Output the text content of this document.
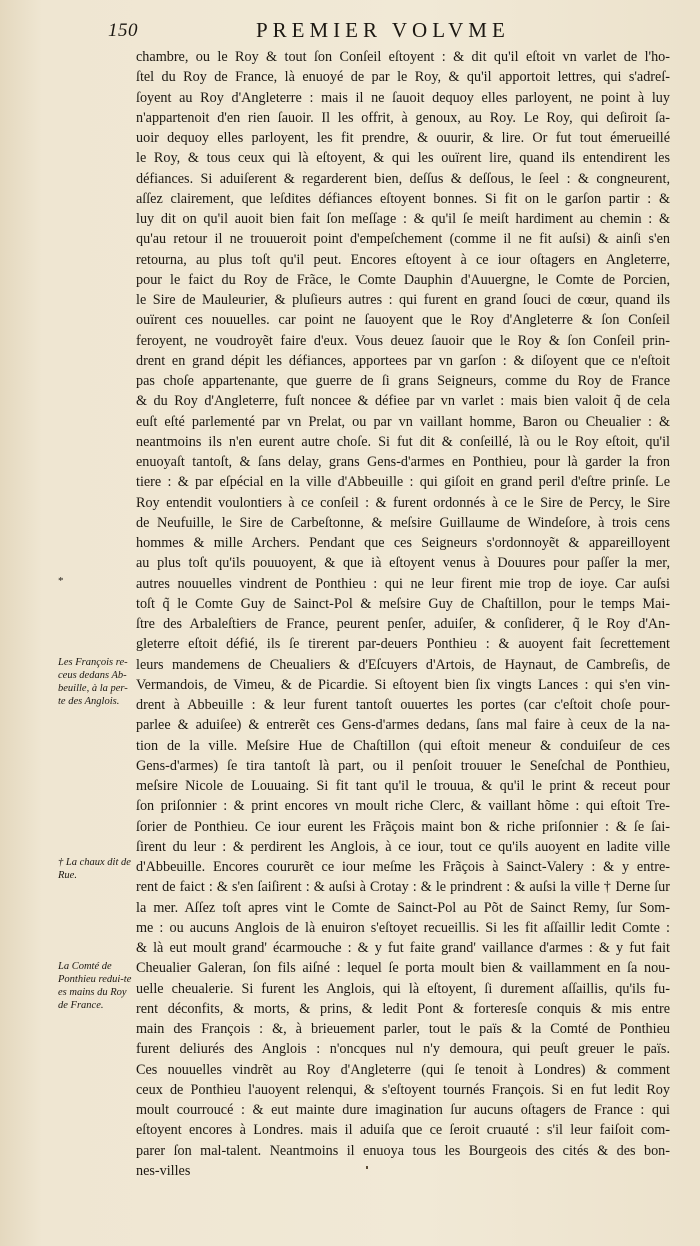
150	PREMIER VOLVME
chambre, ou le Roy & tout ſon Conſeil eſtoyent : & dit qu'il eſtoit vn varlet de l'ho-
ſtel du Roy de France, là enuoyé de par le Roy, & qu'il apportoit lettres, qui s'adreſ-
ſoyent au Roy d'Angleterre : mais il ne ſauoit dequoy elles parloyent, ne point à luy
n'appartenoit d'en rien ſauoir. Il les offrit, à genoux, au Roy. Le Roy, qui deſiroit ſa-
uoir dequoy elles parloyent, les fit prendre, & ouurir, & lire. Or fut tout émerueillé
le Roy, & tous ceux qui là eſtoyent, & qui les ouïrent lire, quand ils entendirent les
défiances. Si aduiſerent & regarderent bien, deſſus & deſſous, le ſeel : & congneurent,
aſſez clairement, que leſdites défiances eſtoyent bonnes. Si fit on le garſon partir : &
luy dit on qu'il auoit bien fait ſon meſſage : & qu'il ſe meiſt hardiment au chemin : &
qu'au retour il ne trouueroit point d'empeſchement (comme il ne fit auſsi) & ainſi s'en
retourna, au plus toſt qu'il peut. Encores eſtoyent à ce iour oſtagers en Angleterre,
pour le faict du Roy de Frãce, le Comte Dauphin d'Auuergne, le Comte de Porcien,
le Sire de Mauleurier, & pluſieurs autres : qui furent en grand ſouci de cœur, quand ils
ouïrent ces nouuelles. car point ne ſauoyent que le Roy d'Angleterre & ſon Conſeil
feroyent, ne voudroyẽt faire d'eux. Vous deuez ſauoir que le Roy & ſon Conſeil prin-
drent en grand dépit les défiances, apportees par vn garſon : & diſoyent que ce n'eſtoit
pas choſe appartenante, que guerre de ſi grans Seigneurs, comme du Roy de France
& du Roy d'Angleterre, fuſt noncee & défiee par vn varlet : mais bien valoit q̃ de cela
euſt eſté parlementé par vn Prelat, ou par vn vaillant homme, Baron ou Cheualier : &
neantmoins ils n'en eurent autre choſe. Si fut dit & conſeillé, là ou le Roy eſtoit, qu'il
enuoyaſt tantoſt, & ſans delay, grans Gens-d'armes en Ponthieu, pour là garder la fron
tiere : & par eſpécial en la ville d'Abbeuille : qui giſoit en grand peril d'eſtre prinſe. Le
Roy entendit voulontiers à ce conſeil : & furent ordonnés à ce le Sire de Percy, le Sire
de Neufuille, le Sire de Carbeſtonne, & meſsire Guillaume de Windeſore, à trois cens
hommes & mille Archers. Pendant que ces Seigneurs s'ordonnoyẽt & appareilloyent
au plus toſt qu'ils pouuoyent, & que ià eſtoyent venus à Douures pour paſſer la mer,
autres nouuelles vindrent de Ponthieu : qui ne leur firent mie trop de ioye. Car auſsi
toſt q̃ le Comte Guy de Sainct-Pol & meſsire Guy de Chaſtillon, pour le temps Mai-
ſtre des Arbaleſtiers de France, peurent penſer, aduiſer, & conſiderer, q̃ le Roy d'An-
gleterre eſtoit défié, ils ſe tirerent par-deuers Ponthieu : & auoyent fait ſecrettement
leurs mandemens de Cheualiers & d'Eſcuyers d'Artois, de Haynaut, de Cambreſis, de
Vermandois, de Vimeu, & de Picardie. Si eſtoyent bien ſix vingts Lances : qui s'en vin-
drent à Abbeuille : & leur furent tantoſt ouuertes les portes (car c'eſtoit choſe pour-
parlee & aduiſee) & entrerẽt ces Gens-d'armes dedans, ſans mal faire à ceux de la na-
tion de la ville. Meſsire Hue de Chaſtillon (qui eſtoit meneur & conduiſeur de ces
Gens-d'armes) ſe tira tantoſt là part, ou il penſoit trouuer le Seneſchal de Ponthieu,
meſsire Nicole de Louuaing. Si fit tant qu'il le trouua, & qu'il le print & receut pour
ſon priſonnier : & print encores vn moult riche Clerc, & vaillant hõme : qui eſtoit Tre-
ſorier de Ponthieu. Ce iour eurent les Frãçois maint bon & riche priſonnier : & ſe ſai-
ſirent du leur : & perdirent les Anglois, à ce iour, tout ce qu'ils auoyent en ladite ville
d'Abbeuille. Encores coururẽt ce iour meſme les Frãçois à Sainct-Valery : & y entre-
rent de faict : & s'en ſaiſirent : & auſsi à Crotay : & le prindrent : & auſsi la ville † Derne ſur
la mer. Aſſez toſt apres vint le Comte de Sainct-Pol au Põt de Sainct Remy, ſur Som-
me : ou aucuns Anglois de là enuiron s'eſtoyet recueillis. Si les fit aſſaillir ledit Comte :
& là eut moult grand' écarmouche : & y fut faite grand' vaillance d'armes : & y fut fait
Cheualier Galeran, ſon fils aiſné : lequel ſe porta moult bien & vaillamment en ſa nou-
uelle cheualerie. Si furent les Anglois, qui là eſtoyent, ſi durement aſſaillis, qu'ils fu-
rent déconfits, & morts, & prins, & ledit Pont & forteresſe conquis & mis entre
main des François : &, à brieuement parler, tout le païs & la Comté de Ponthieu
furent deliurés des Anglois : n'oncques nul n'y demoura, qui peuſt greuer le païs.
Ces nouuelles vindrẽt au Roy d'Angleterre (qui ſe tenoit à Londres) & comment
ceux de Ponthieu l'auoyent relenqui, & s'eſtoyent tournés François. Si en fut ledit Roy
moult courroucé : & eut mainte dure imagination ſur aucuns oſtagers de France : qui
eſtoyent encores à Londres. mais il aduiſa que ce ſeroit cruauté : s'il leur faiſoit com-
parer ſon mal-talent. Neantmoins il enuoya tous les Bourgeois des cités & des bon-
nes-villes
*

Les François re-ceus dedans Ab-beuille, à la per-te des Anglois.

† La chaux dit de Rue.

La Comté de Ponthieu redui-te es mains du Roy de France.
